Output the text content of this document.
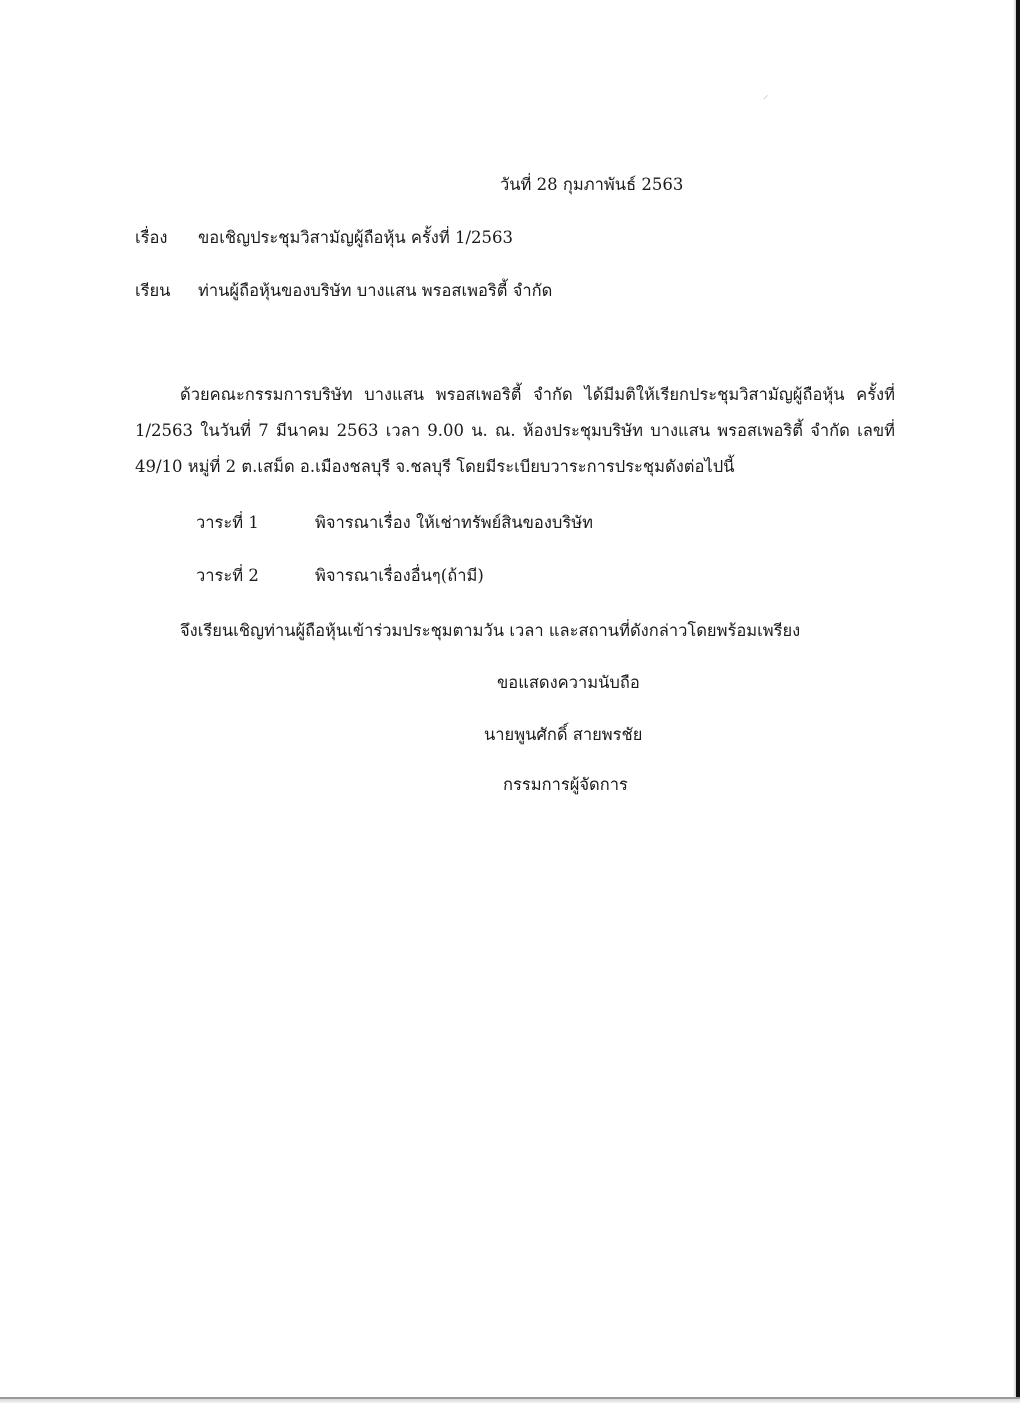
⸍
วันที่ 28 กุมภาพันธ์ 2563
เรื่อง ขอเชิญประชุมวิสามัญผู้ถือหุ้น ครั้งที่ 1/2563
เรียน ท่านผู้ถือหุ้นของบริษัท บางแสน พรอสเพอริตี้ จำกัด
ด้วยคณะกรรมการบริษัท บางแสน พรอสเพอริตี้ จำกัด ได้มีมติให้เรียกประชุมวิสามัญผู้ถือหุ้น ครั้งที่ 1/2563 ในวันที่ 7 มีนาคม 2563 เวลา 9.00 น. ณ. ห้องประชุมบริษัท บางแสน พรอสเพอริตี้ จำกัด เลขที่ 49/10 หมู่ที่ 2 ต.เสม็ด อ.เมืองชลบุรี จ.ชลบุรี โดยมีระเบียบวาระการประชุมดังต่อไปนี้
วาระที่ 1	พิจารณาเรื่อง ให้เช่าทรัพย์สินของบริษัท
วาระที่ 2	พิจารณาเรื่องอื่นๆ(ถ้ามี)
จึงเรียนเชิญท่านผู้ถือหุ้นเข้าร่วมประชุมตามวัน เวลา และสถานที่ดังกล่าวโดยพร้อมเพรียง
ขอแสดงความนับถือ
นายพูนศักดิ์ สายพรชัย
กรรมการผู้จัดการ
